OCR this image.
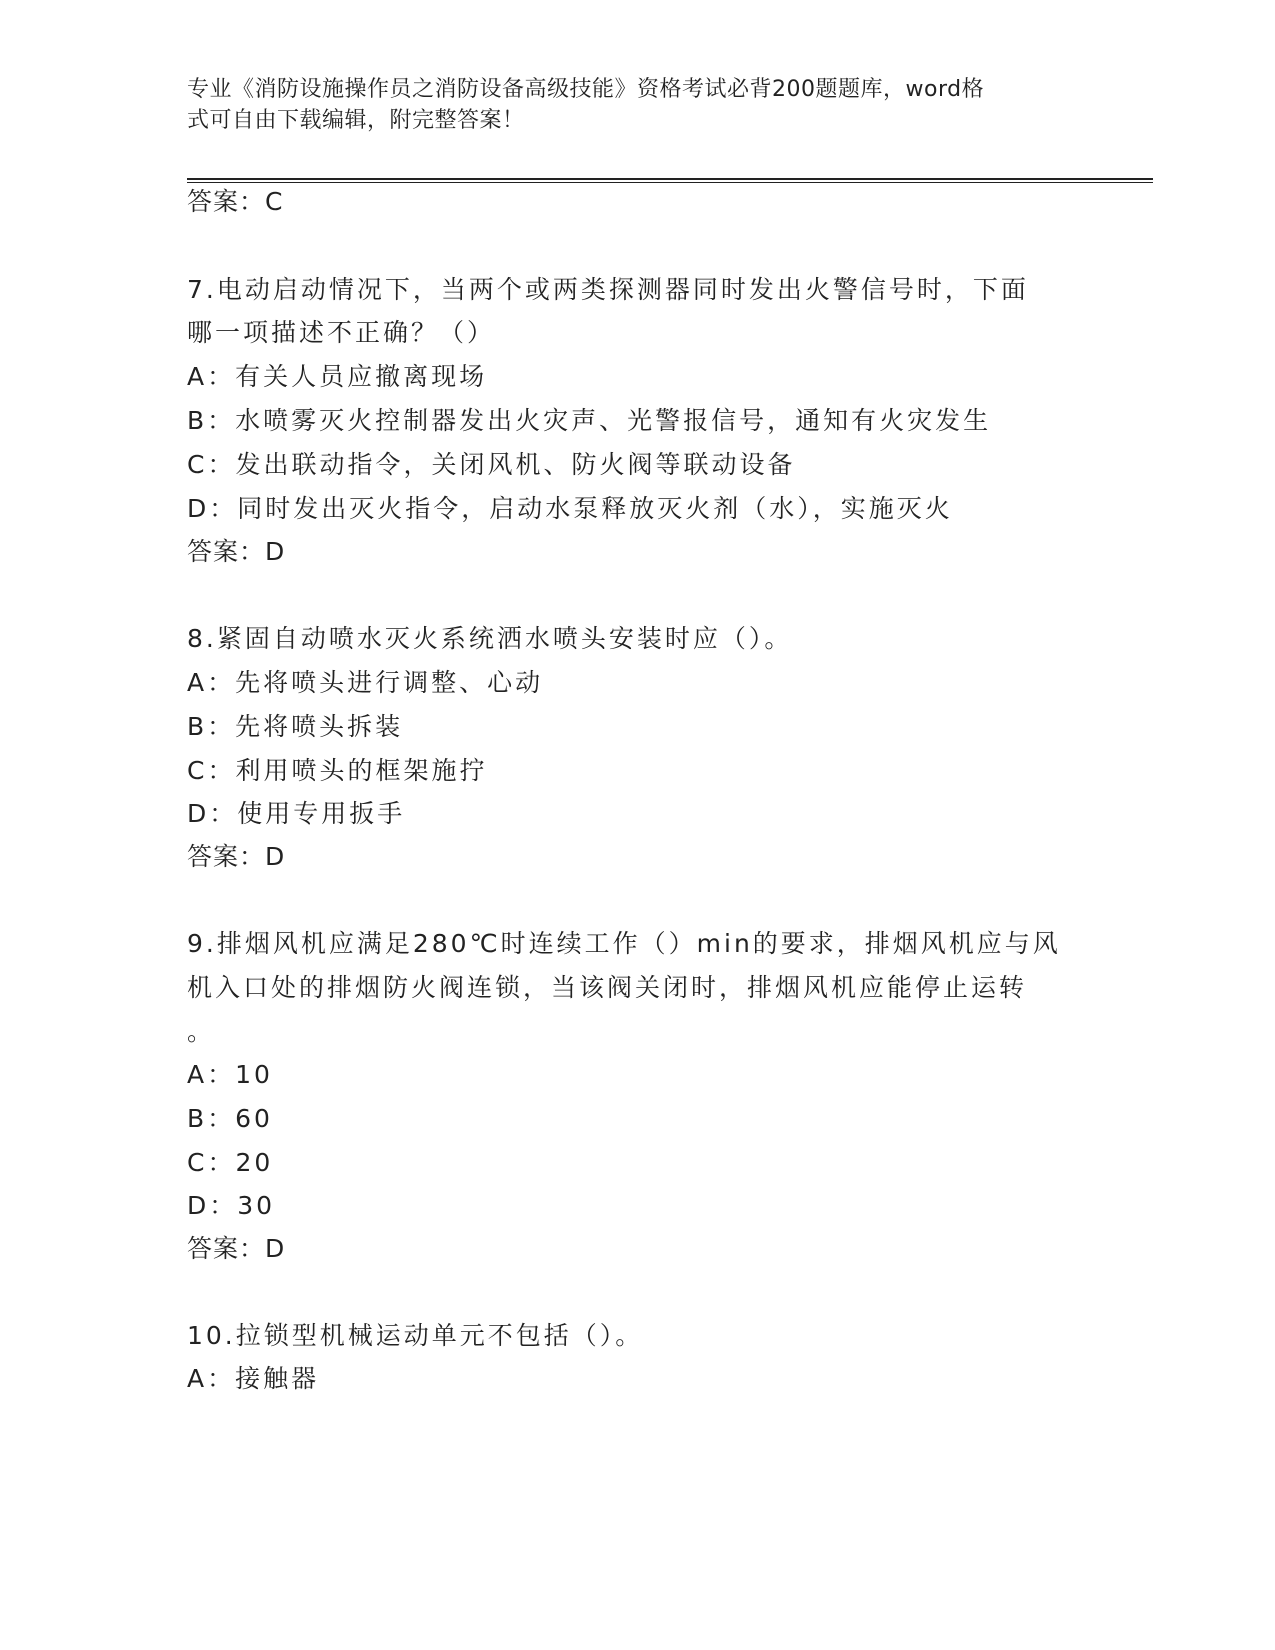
专业《消防设施操作员之消防设备高级技能》资格考试必背200题题库，word格
式可自由下载编辑，附完整答案！
答案：C
7.电动启动情况下，当两个或两类探测器同时发出火警信号时，下面
哪一项描述不正确？（）
A：有关人员应撤离现场
B：水喷雾灭火控制器发出火灾声、光警报信号，通知有火灾发生
C：发出联动指令，关闭风机、防火阀等联动设备
D：同时发出灭火指令，启动水泵释放灭火剂（水），实施灭火
答案：D
8.紧固自动喷水灭火系统洒水喷头安装时应（）。
A：先将喷头进行调整、心动
B：先将喷头拆装
C：利用喷头的框架施拧
D：使用专用扳手
答案：D
9.排烟风机应满足280℃时连续工作（）min的要求，排烟风机应与风
机入口处的排烟防火阀连锁，当该阀关闭时，排烟风机应能停止运转
。
A：10
B：60
C：20
D：30
答案：D
10.拉锁型机械运动单元不包括（）。
A：接触器
